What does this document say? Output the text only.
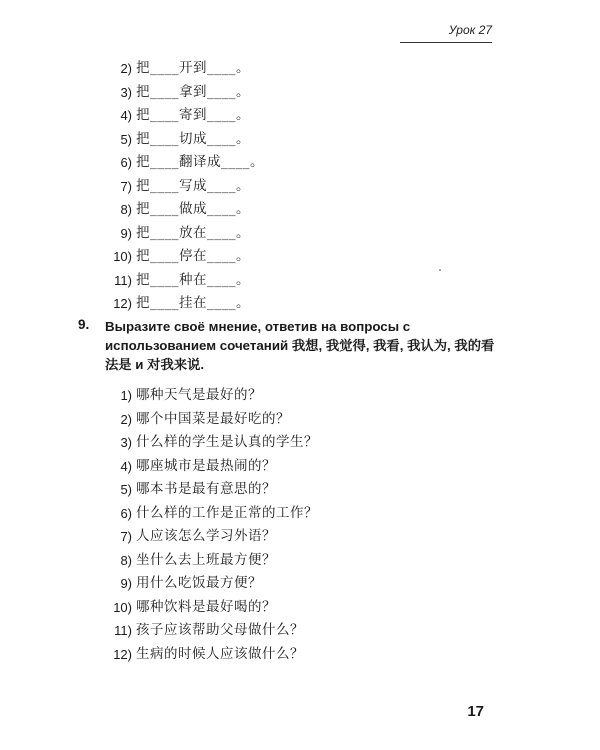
Урок 27
2) 把____开到____。
3) 把____拿到____。
4) 把____寄到____。
5) 把____切成____。
6) 把____翻译成____。
7) 把____写成____。
8) 把____做成____。
9) 把____放在____。
10) 把____停在____。
11) 把____种在____。
12) 把____挂在____。
9. Выразите своё мнение, ответив на вопросы с использованием сочетаний 我想, 我觉得, 我看, 我认为, 我的看法是 и 对我来说.
1) 哪种天气是最好的？
2) 哪个中国菜是最好吃的？
3) 什么样的学生是认真的学生？
4) 哪座城市是最热闹的？
5) 哪本书是最有意思的？
6) 什么样的工作是正常的工作？
7) 人应该怎么学习外语？
8) 坐什么去上班最方便？
9) 用什么吃饭最方便？
10) 哪种饮料是最好喝的？
11) 孩子应该帮助父母做什么？
12) 生病的时候人应该做什么？
17
